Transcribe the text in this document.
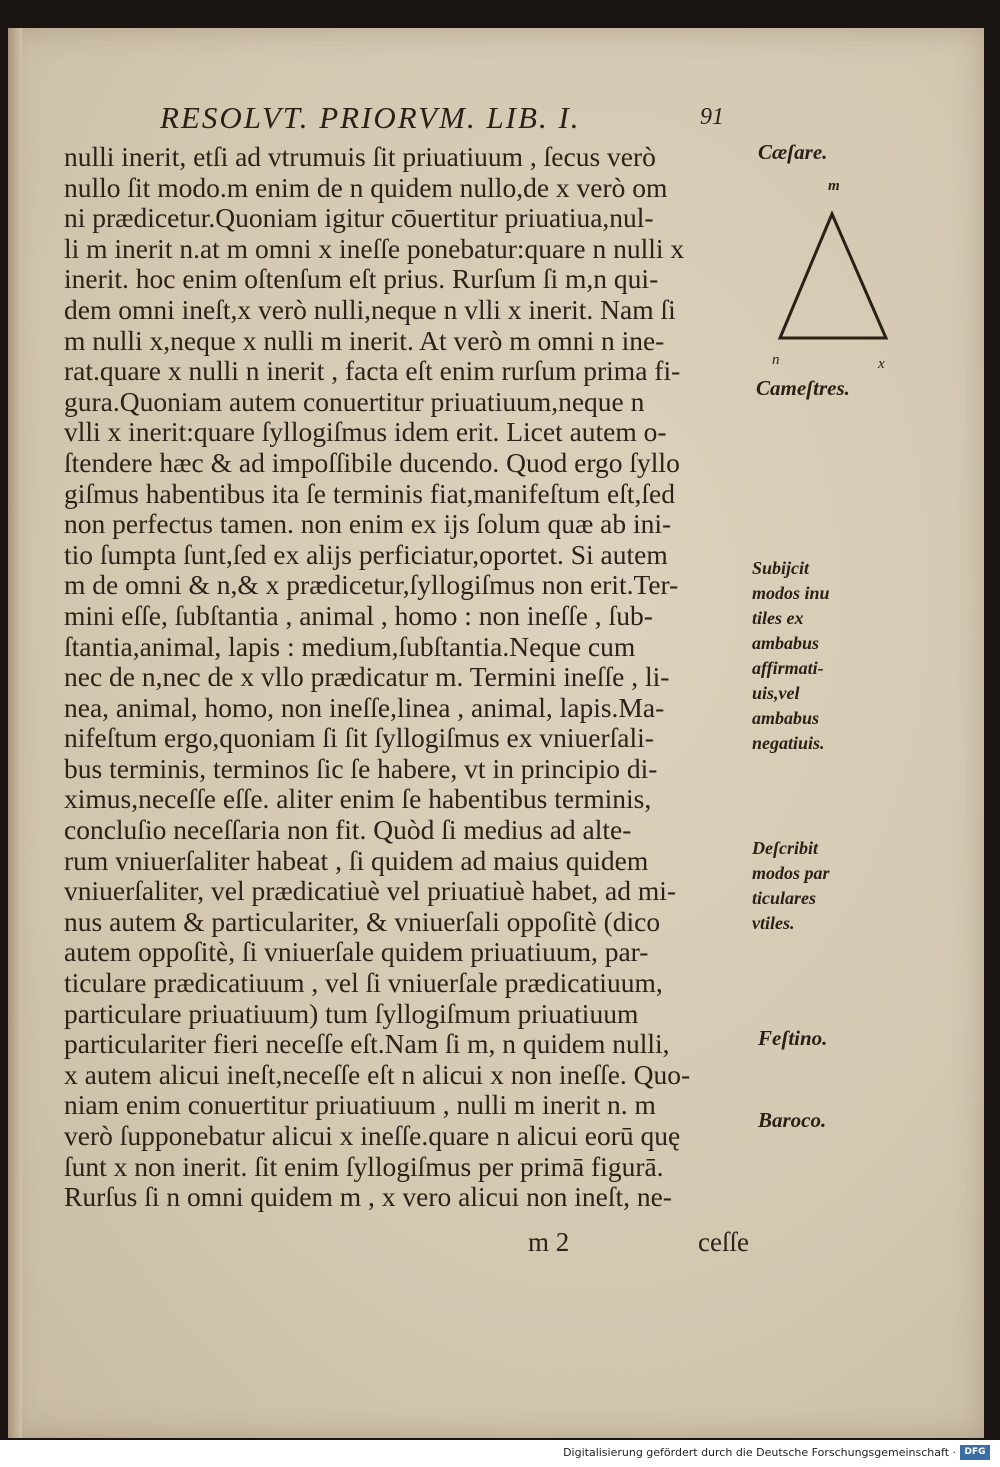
RESOLVT. PRIORVM. LIB. I.	91
nulli inerit, etſi ad vtrumuis ſit priuatiuum , ſecus verò
nullo ſit modo.m enim de n quidem nullo,de x verò om
ni prædicetur.Quoniam igitur cōuertitur priuatiua,nul-
li m inerit n.at m omni x ineſſe ponebatur:quare n nulli x
inerit. hoc enim oſtenſum eſt prius. Rurſum ſi m,n qui-
dem omni ineſt,x verò nulli,neque n vlli x inerit. Nam ſi
m nulli x,neque x nulli m inerit. At verò m omni n ine-
rat.quare x nulli n inerit , facta eſt enim rurſum prima fi-
gura.Quoniam autem conuertitur priuatiuum,neque n
vlli x inerit:quare ſyllogiſmus idem erit. Licet autem o-
ſtendere hæc & ad impoſſibile ducendo. Quod ergo ſyllo
giſmus habentibus ita ſe terminis fiat,manifeſtum eſt,ſed
non perfectus tamen. non enim ex ijs ſolum quæ ab ini-
tio ſumpta ſunt,ſed ex alijs perficiatur,oportet. Si autem
m de omni & n,& x prædicetur,ſyllogiſmus non erit.Ter-
mini eſſe, ſubſtantia , animal , homo : non ineſſe , ſub-
ſtantia,animal, lapis : medium,ſubſtantia.Neque cum
nec de n,nec de x vllo prædicatur m. Termini ineſſe , li-
nea, animal, homo, non ineſſe,linea , animal, lapis.Ma-
nifeſtum ergo,quoniam ſi ſit ſyllogiſmus ex vniuerſali-
bus terminis, terminos ſic ſe habere, vt in principio di-
ximus,neceſſe eſſe. aliter enim ſe habentibus terminis,
concluſio neceſſaria non fit. Quòd ſi medius ad alte-
rum vniuerſaliter habeat , ſi quidem ad maius quidem
vniuerſaliter, vel prædicatiuè vel priuatiuè habet, ad mi-
nus autem & particulariter, & vniuerſali oppoſitè (dico
autem oppoſitè, ſi vniuerſale quidem priuatiuum, par-
ticulare prædicatiuum , vel ſi vniuerſale prædicatiuum,
particulare priuatiuum) tum ſyllogiſmum priuatiuum
particulariter fieri neceſſe eſt.Nam ſi m, n quidem nulli,
x autem alicui ineſt,neceſſe eſt n alicui x non ineſſe. Quo-
niam enim conuertitur priuatiuum , nulli m inerit n. m
verò ſupponebatur alicui x ineſſe.quare n alicui eorū quę
ſunt x non inerit. ſit enim ſyllogiſmus per primā figurā.
Rurſus ſi n omni quidem m , x vero alicui non ineſt, ne-
m 2	ceſſe
Cæſare.
m
n	x
Cameſtres.
Subijcit
modos inu
tiles ex
ambabus
affirmati-
uis,vel
ambabus
negatiuis.
Deſcribit
modos par
ticulares
vtiles.
Feſtino.
Baroco.
Digitalisierung gefördert durch die Deutsche Forschungsgemeinschaft · DFG
